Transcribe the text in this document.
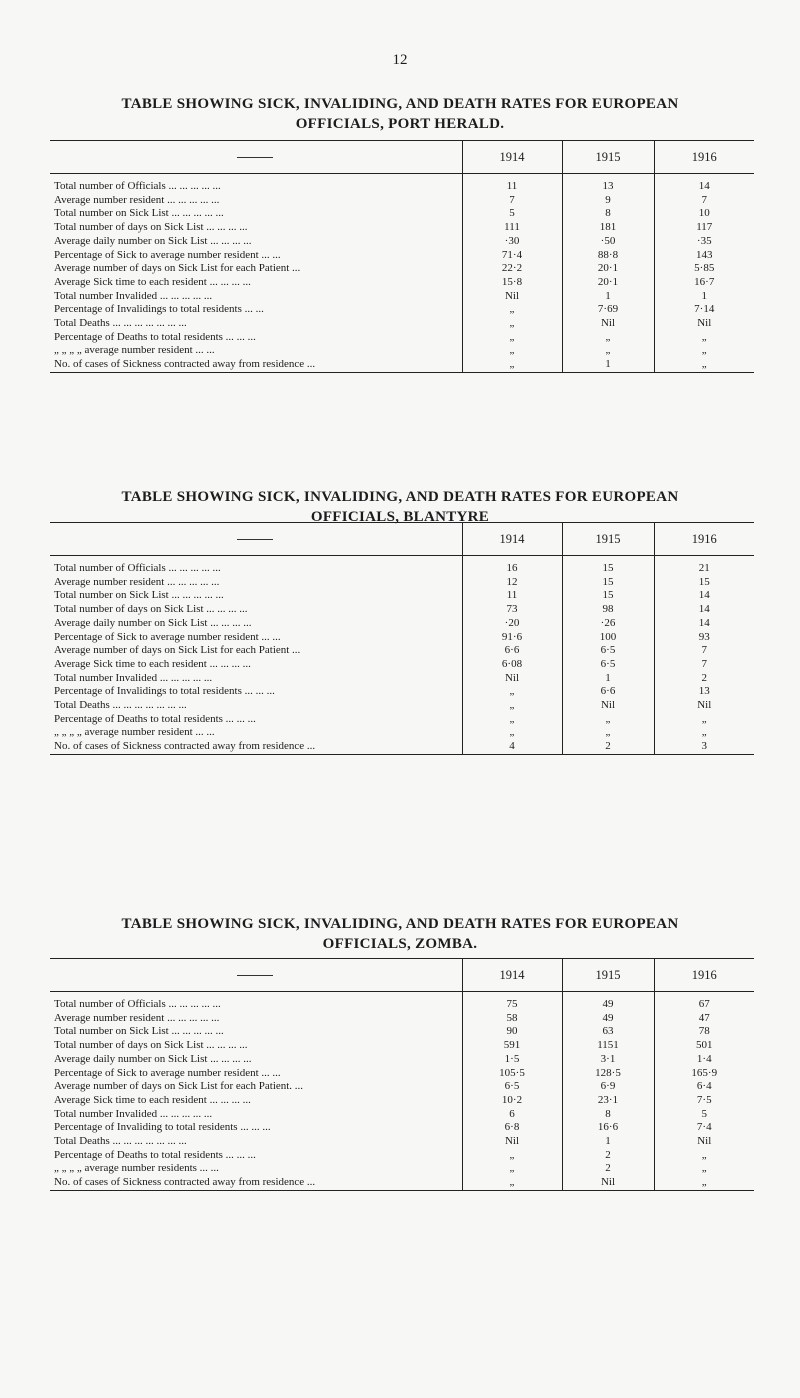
12
TABLE SHOWING SICK, INVALIDING, AND DEATH RATES FOR EUROPEAN
OFFICIALS, PORT HERALD.
	1914	1915	1916
Total number of Officials ... ... ... ... ...	11	13	14
Average number resident ... ... ... ... ...	7	9	7
Total number on Sick List ... ... ... ... ...	5	8	10
Total number of days on Sick List ... ... ... ...	111	181	117
Average daily number on Sick List ... ... ... ...	·30	·50	·35
Percentage of Sick to average number resident ... ...	71·4	88·8	143
Average number of days on Sick List for each Patient ...	22·2	20·1	5·85
Average Sick time to each resident ... ... ... ...	15·8	20·1	16·7
Total number Invalided ... ... ... ... ...	Nil	1	1
Percentage of Invalidings to total residents ... ...	„	7·69	7·14
Total Deaths ... ... ... ... ... ... ...	„	Nil	Nil
Percentage of Deaths to total residents ... ... ...	„	„	„
„ „ „ „ average number resident ... ...	„	„	„
No. of cases of Sickness contracted away from residence ...	„	1	„
TABLE SHOWING SICK, INVALIDING, AND DEATH RATES FOR EUROPEAN
OFFICIALS, BLANTYRE
	1914	1915	1916
Total number of Officials ... ... ... ... ...	16	15	21
Average number resident ... ... ... ... ...	12	15	15
Total number on Sick List ... ... ... ... ...	11	15	14
Total number of days on Sick List ... ... ... ...	73	98	14
Average daily number on Sick List ... ... ... ...	·20	·26	14
Percentage of Sick to average number resident ... ...	91·6	100	93
Average number of days on Sick List for each Patient ...	6·6	6·5	7
Average Sick time to each resident ... ... ... ...	6·08	6·5	7
Total number Invalided ... ... ... ... ...	Nil	1	2
Percentage of Invalidings to total residents ... ... ...	„	6·6	13
Total Deaths ... ... ... ... ... ... ...	„	Nil	Nil
Percentage of Deaths to total residents ... ... ...	„	„	„
„ „ „ „ average number resident ... ...	„	„	„
No. of cases of Sickness contracted away from residence ...	4	2	3
TABLE SHOWING SICK, INVALIDING, AND DEATH RATES FOR EUROPEAN
OFFICIALS, ZOMBA.
	1914	1915	1916
Total number of Officials ... ... ... ... ...	75	49	67
Average number resident ... ... ... ... ...	58	49	47
Total number on Sick List ... ... ... ... ...	90	63	78
Total number of days on Sick List ... ... ... ...	591	1151	501
Average daily number on Sick List ... ... ... ...	1·5	3·1	1·4
Percentage of Sick to average number resident ... ...	105·5	128·5	165·9
Average number of days on Sick List for each Patient. ...	6·5	6·9	6·4
Average Sick time to each resident ... ... ... ...	10·2	23·1	7·5
Total number Invalided ... ... ... ... ...	6	8	5
Percentage of Invaliding to total residents ... ... ...	6·8	16·6	7·4
Total Deaths ... ... ... ... ... ... ...	Nil	1	Nil
Percentage of Deaths to total residents ... ... ...	„	2	„
„ „ „ „ average number residents ... ...	„	2	„
No. of cases of Sickness contracted away from residence ...	„	Nil	„
